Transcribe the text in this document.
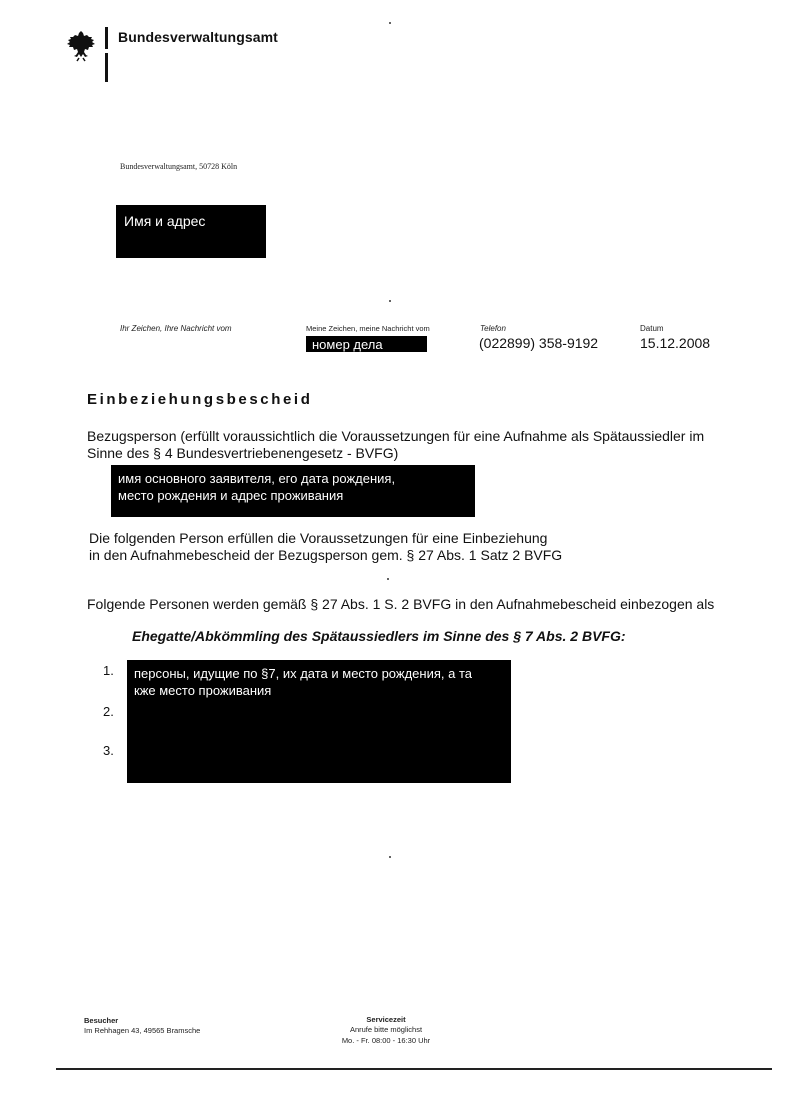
Bundesverwaltungsamt
Bundesverwaltungsamt, 50728 Köln
Имя и адрес
Ihr Zeichen, Ihre Nachricht vom	Meine Zeichen, meine Nachricht vom
номер дела
Telefon
(022899) 358-9192
Datum
15.12.2008
Einbeziehungsbescheid
Bezugsperson (erfüllt voraussichtlich die Voraussetzungen für eine Aufnahme als Spätaussiedler im
Sinne des § 4 Bundesvertriebenengesetz - BVFG)
имя основного заявителя, его дата рождения,
место рождения и адрес проживания
Die folgenden Person erfüllen die Voraussetzungen für eine Einbeziehung
in den Aufnahmebescheid der Bezugsperson gem. § 27 Abs. 1 Satz 2 BVFG
Folgende Personen werden gemäß § 27 Abs. 1 S. 2 BVFG in den Aufnahmebescheid einbezogen als
Ehegatte/Abkömmling des Spätaussiedlers im Sinne des § 7 Abs. 2 BVFG:
1.
2.
3.
персоны, идущие по §7, их дата и место рождения, а та
кже место проживания
Besucher
Im Rehhagen 43, 49565 Bramsche
Servicezeit
Anrufe bitte möglichst
Mo. - Fr. 08:00 - 16:30 Uhr
